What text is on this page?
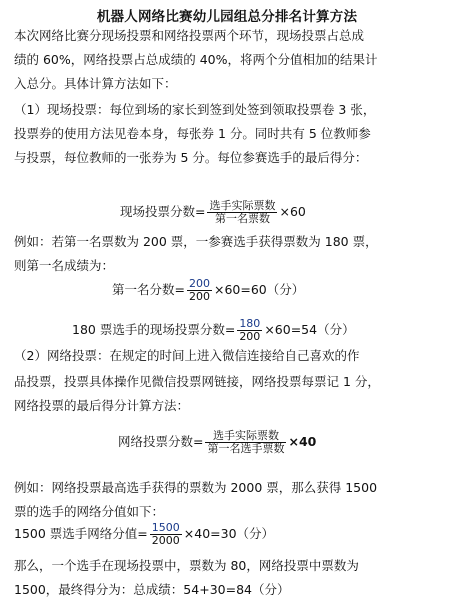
机器人网络比赛幼儿园组总分排名计算方法
本次网络比赛分现场投票和网络投票两个环节，现场投票占总成
绩的 60%，网络投票占总成绩的 40%，将两个分值相加的结果计
入总分。具体计算方法如下：
（1）现场投票：每位到场的家长到签到处签到领取投票卷 3 张，
投票券的使用方法见卷本身，每张券 1 分。同时共有 5 位教师参
与投票，每位教师的一张券为 5 分。每位参赛选手的最后得分：
现场投票分数= $\frac{\text{选手实际票数}}{\text{第一名票数}} \times 60$
例如：若第一名票数为 200 票，一参赛选手获得票数为 180 票，
则第一名成绩为：
第一名分数= $\frac{200}{200} \times 60=60$（分）
180 票选手的现场投票分数= $\frac{180}{200} \times 60=54$（分）
（2）网络投票：在规定的时间上进入微信连接给自己喜欢的作
品投票，投票具体操作见微信投票网链接，网络投票每票记 1 分，
网络投票的最后得分计算方法：
网络投票分数= $\frac{\text{选手实际票数}}{\text{第一名选手票数}} \times 40$
例如：网络投票最高选手获得的票数为 2000 票，那么获得 1500
票的选手的网络分值如下：
1500 票选手网络分值= $\frac{1500}{2000} \times 40=30$（分）
那么，一个选手在现场投票中，票数为 80，网络投票中票数为
1500，最终得分为：总成绩：54+30=84（分）
